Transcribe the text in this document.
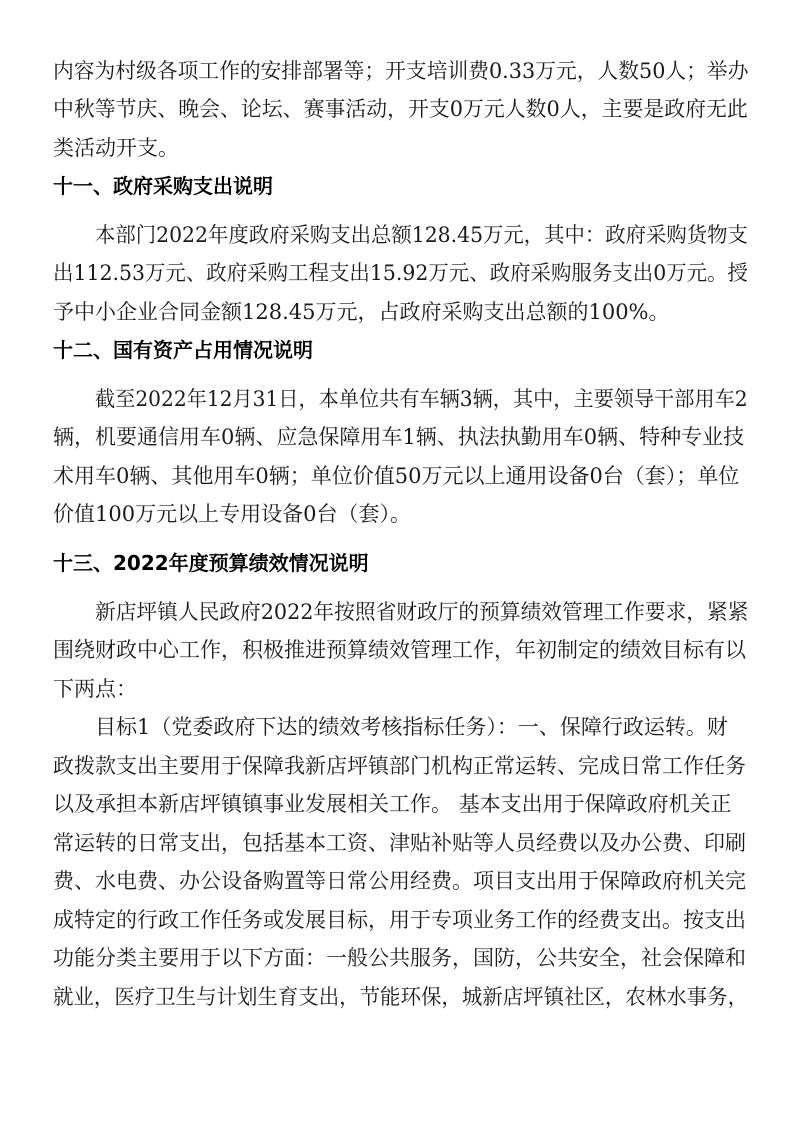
内容为村级各项工作的安排部署等；开支培训费0.33万元，人数50人；举办

中秋等节庆、晚会、论坛、赛事活动，开支0万元人数0人，主要是政府无此

类活动开支。

十一、政府采购支出说明

本部门2022年度政府采购支出总额128.45万元，其中：政府采购货物支

出112.53万元、政府采购工程支出15.92万元、政府采购服务支出0万元。授

予中小企业合同金额128.45万元，占政府采购支出总额的100%。

十二、国有资产占用情况说明

截至2022年12月31日，本单位共有车辆3辆，其中，主要领导干部用车2

辆，机要通信用车0辆、应急保障用车1辆、执法执勤用车0辆、特种专业技

术用车0辆、其他用车0辆；单位价值50万元以上通用设备0台（套）；单位

价值100万元以上专用设备0台（套）。

十三、2022年度预算绩效情况说明

新店坪镇人民政府2022年按照省财政厅的预算绩效管理工作要求，紧紧

围绕财政中心工作，积极推进预算绩效管理工作，年初制定的绩效目标有以

下两点：

目标1（党委政府下达的绩效考核指标任务）：一、保障行政运转。财

政拨款支出主要用于保障我新店坪镇部门机构正常运转、完成日常工作任务

以及承担本新店坪镇镇事业发展相关工作。 基本支出用于保障政府机关正

常运转的日常支出，包括基本工资、津贴补贴等人员经费以及办公费、印刷

费、水电费、办公设备购置等日常公用经费。项目支出用于保障政府机关完

成特定的行政工作任务或发展目标，用于专项业务工作的经费支出。按支出

功能分类主要用于以下方面：一般公共服务，国防，公共安全，社会保障和

就业，医疗卫生与计划生育支出，节能环保，城新店坪镇社区，农林水事务，
